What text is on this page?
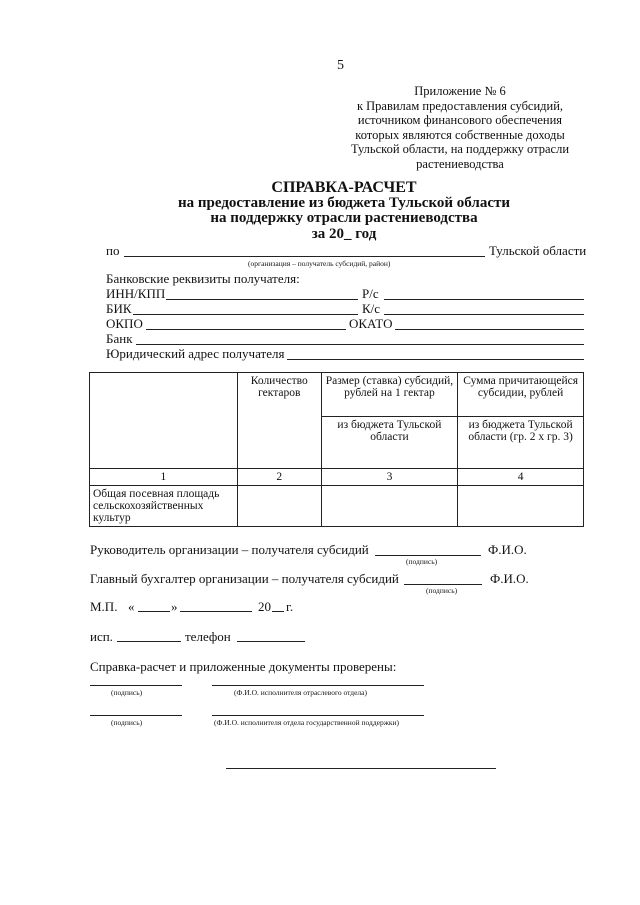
5
Приложение № 6
к Правилам предоставления субсидий,
источником финансового обеспечения
которых являются собственные доходы
Тульской области, на поддержку отрасли
растениеводства
СПРАВКА-РАСЧЕТ
на предоставление из бюджета Тульской области
на поддержку отрасли растениеводства
за 20_ год
по	Тульской области
(организация – получатель субсидий, район)
Банковские реквизиты получателя:
ИНН/КПП	Р/с
БИК	К/с
ОКПО	ОКАТО
Банк
Юридический адрес получателя
	Количество гектаров	Размер (ставка) субсидий, рублей на 1 гектар	Сумма причитающейся субсидии, рублей
		из бюджета Тульской области	из бюджета Тульской области (гр. 2 х гр. 3)
1	2	3	4
Общая посевная площадь сельскохозяйственных культур			
Руководитель организации – получателя субсидий	Ф.И.О.
(подпись)
Главный бухгалтер организации – получателя субсидий	Ф.И.О.
(подпись)
М.П. «	»	20 г.
исп.	телефон
Справка-расчет и приложенные документы проверены:
(подпись)	(Ф.И.О. исполнителя отраслевого отдела)
(подпись)	(Ф.И.О. исполнителя отдела государственной поддержки)
